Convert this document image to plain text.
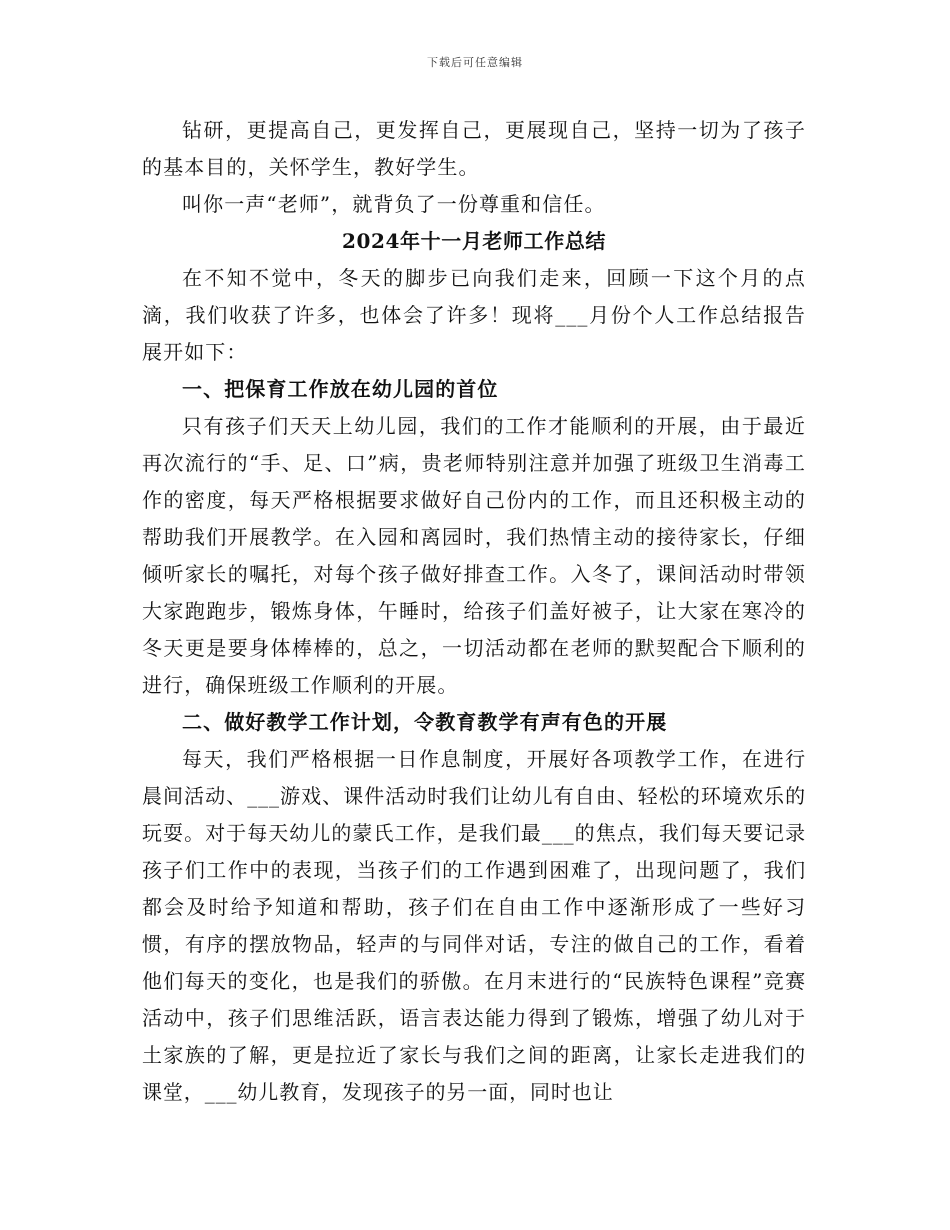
下载后可任意编辑

钻研，更提高自己，更发挥自己，更展现自己，坚持一切为了孩子的基本目的，关怀学生，教好学生。

叫你一声“老师”，就背负了一份尊重和信任。

2024年十一月老师工作总结

在不知不觉中，冬天的脚步已向我们走来，回顾一下这个月的点滴，我们收获了许多，也体会了许多！现将___月份个人工作总结报告展开如下：

一、把保育工作放在幼儿园的首位

只有孩子们天天上幼儿园，我们的工作才能顺利的开展，由于最近再次流行的“手、足、口”病，贵老师特别注意并加强了班级卫生消毒工作的密度，每天严格根据要求做好自己份内的工作，而且还积极主动的帮助我们开展教学。在入园和离园时，我们热情主动的接待家长，仔细倾听家长的嘱托，对每个孩子做好排查工作。入冬了，课间活动时带领大家跑跑步，锻炼身体，午睡时，给孩子们盖好被子，让大家在寒冷的冬天更是要身体棒棒的，总之，一切活动都在老师的默契配合下顺利的进行，确保班级工作顺利的开展。

二、做好教学工作计划，令教育教学有声有色的开展

每天，我们严格根据一日作息制度，开展好各项教学工作，在进行晨间活动、___游戏、课件活动时我们让幼儿有自由、轻松的环境欢乐的玩耍。对于每天幼儿的蒙氏工作，是我们最___的焦点，我们每天要记录孩子们工作中的表现，当孩子们的工作遇到困难了，出现问题了，我们都会及时给予知道和帮助，孩子们在自由工作中逐渐形成了一些好习惯，有序的摆放物品，轻声的与同伴对话，专注的做自己的工作，看着他们每天的变化，也是我们的骄傲。在月末进行的“民族特色课程”竞赛活动中，孩子们思维活跃，语言表达能力得到了锻炼，增强了幼儿对于土家族的了解，更是拉近了家长与我们之间的距离，让家长走进我们的课堂，___幼儿教育，发现孩子的另一面，同时也让
